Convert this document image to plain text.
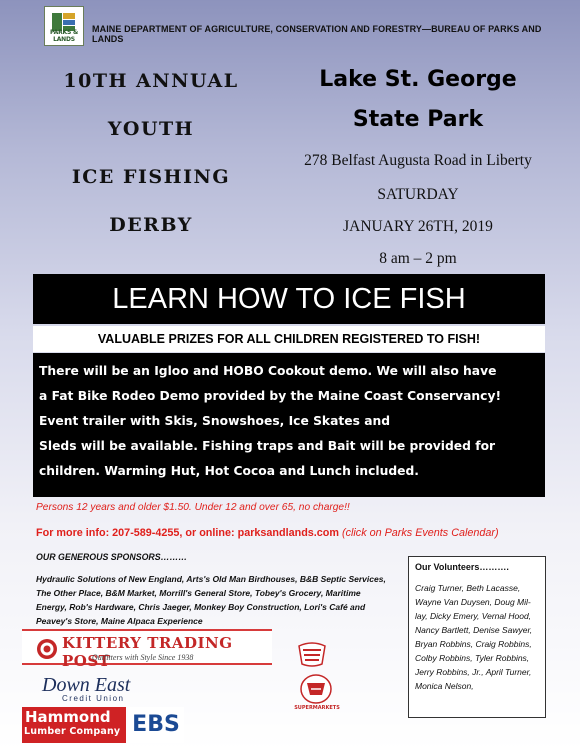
PARKS & LANDS
MAINE DEPARTMENT OF AGRICULTURE, CONSERVATION AND FORESTRY—BUREAU OF PARKS AND LANDS
10TH ANNUAL
YOUTH
ICE FISHING
DERBY
Lake St. George
State Park
278 Belfast Augusta Road in Liberty
SATURDAY
JANUARY 26TH, 2019
8 am – 2 pm
LEARN HOW TO ICE FISH
VALUABLE PRIZES FOR ALL CHILDREN REGISTERED TO FISH!

There will be an Igloo and HOBO Cookout demo. We will also have

a Fat Bike Rodeo Demo provided by the Maine Coast Conservancy!

Event trailer with Skis, Snowshoes, Ice Skates and

Sleds will be available. Fishing traps and Bait will be provided for

children. Warming Hut, Hot Cocoa and Lunch included.

Persons 12 years and older $1.50. Under 12 and over 65, no charge!!
For more info: 207-589-4255, or online: parksandlands.com (click on Parks Events Calendar)
OUR GENEROUS SPONSORS………
Hydraulic Solutions of New England, Arts's Old Man Birdhouses, B&B Septic Services, The Other Place, B&M Market, Morrill's General Store, Tobey's Grocery, Maritime Energy, Rob's Hardware, Chris Jaeger, Monkey Boy Construction, Lori's Café and Peavey's Store, Maine Alpaca Experience
Our Volunteers……….
Craig Turner, Beth Lacasse, Wayne Van Duysen, Doug Mil-lay, Dicky Emery, Vernal Hood, Nancy Bartlett, Denise Sawyer, Bryan Robbins, Craig Robbins, Colby Robbins, Tyler Robbins, Jerry Robbins, Jr., April Turner, Monica Nelson,
KITTERY TRADING POST
Outfitters with Style Since 1938
Down East
Credit Union
Hammond
Lumber Company EBS
SUPERMARKETS
